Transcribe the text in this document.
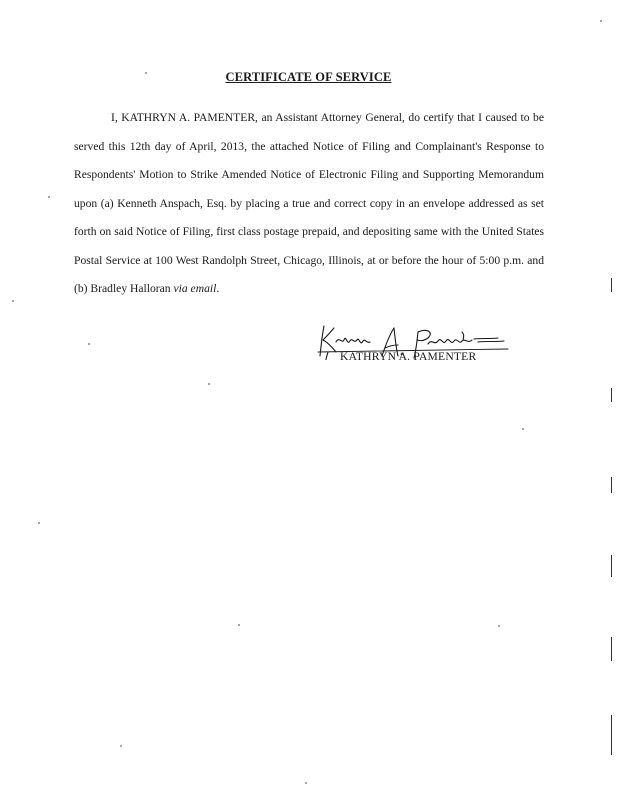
CERTIFICATE OF SERVICE

I, KATHRYN A. PAMENTER, an Assistant Attorney General, do certify that I caused to be served this 12th day of April, 2013, the attached Notice of Filing and Complainant's Response to Respondents' Motion to Strike Amended Notice of Electronic Filing and Supporting Memorandum upon (a) Kenneth Anspach, Esq. by placing a true and correct copy in an envelope addressed as set forth on said Notice of Filing, first class postage prepaid, and depositing same with the United States Postal Service at 100 West Randolph Street, Chicago, Illinois, at or before the hour of 5:00 p.m. and (b) Bradley Halloran via email.

KATHRYN A. PAMENTER
